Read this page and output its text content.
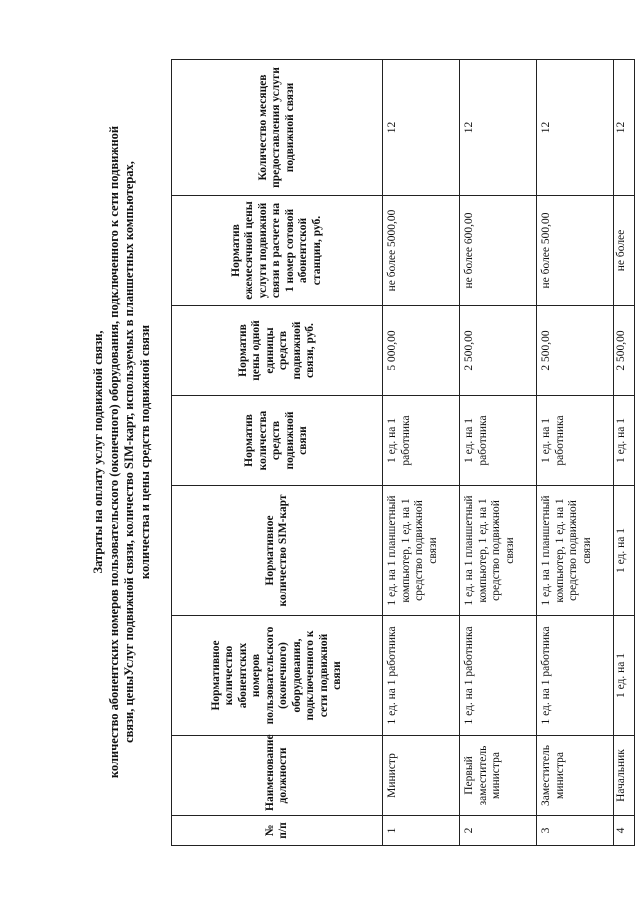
Затраты на оплату услуг подвижной связи, количество абонентских номеров пользовательского (оконечного) оборудования, подключенного к сети подвижной связи, ценыУслуг подвижной связи, количество SIM-карт, используемых в планшетных компьютерах, количества и цены средств подвижной связи
№ п/п	Наименование должности	Нормативное количество абонентских номеров пользовательского (оконечного) оборудования, подключенного к сети подвижной связи	Нормативное количество SIM-карт	Норматив количества средств подвижной связи	Норматив цены одной единицы средств подвижной связи, руб.	Норматив ежемесячной цены услуги подвижной связи в расчете на 1 номер сотовой абонентской станции, руб.	Количество месяцев предоставления услуги подвижной связи
1	Министр	1 ед. на 1 работника	1 ед. на 1 планшетный компьютер, 1 ед. на 1 средство подвижной связи	1 ед. на 1 работника	5 000,00	не более 5000,00	12
2	Первый заместитель министра	1 ед. на 1 работника	1 ед. на 1 планшетный компьютер, 1 ед. на 1 средство подвижной связи	1 ед. на 1 работника	2 500,00	не более 600,00	12
3	Заместитель министра	1 ед. на 1 работника	1 ед. на 1 планшетный компьютер, 1 ед. на 1 средство подвижной связи	1 ед. на 1 работника	2 500,00	не более 500,00	12
4	Начальник	1 ед. на 1	1 ед. на 1	1 ед. на 1	2 500,00	не более	12
